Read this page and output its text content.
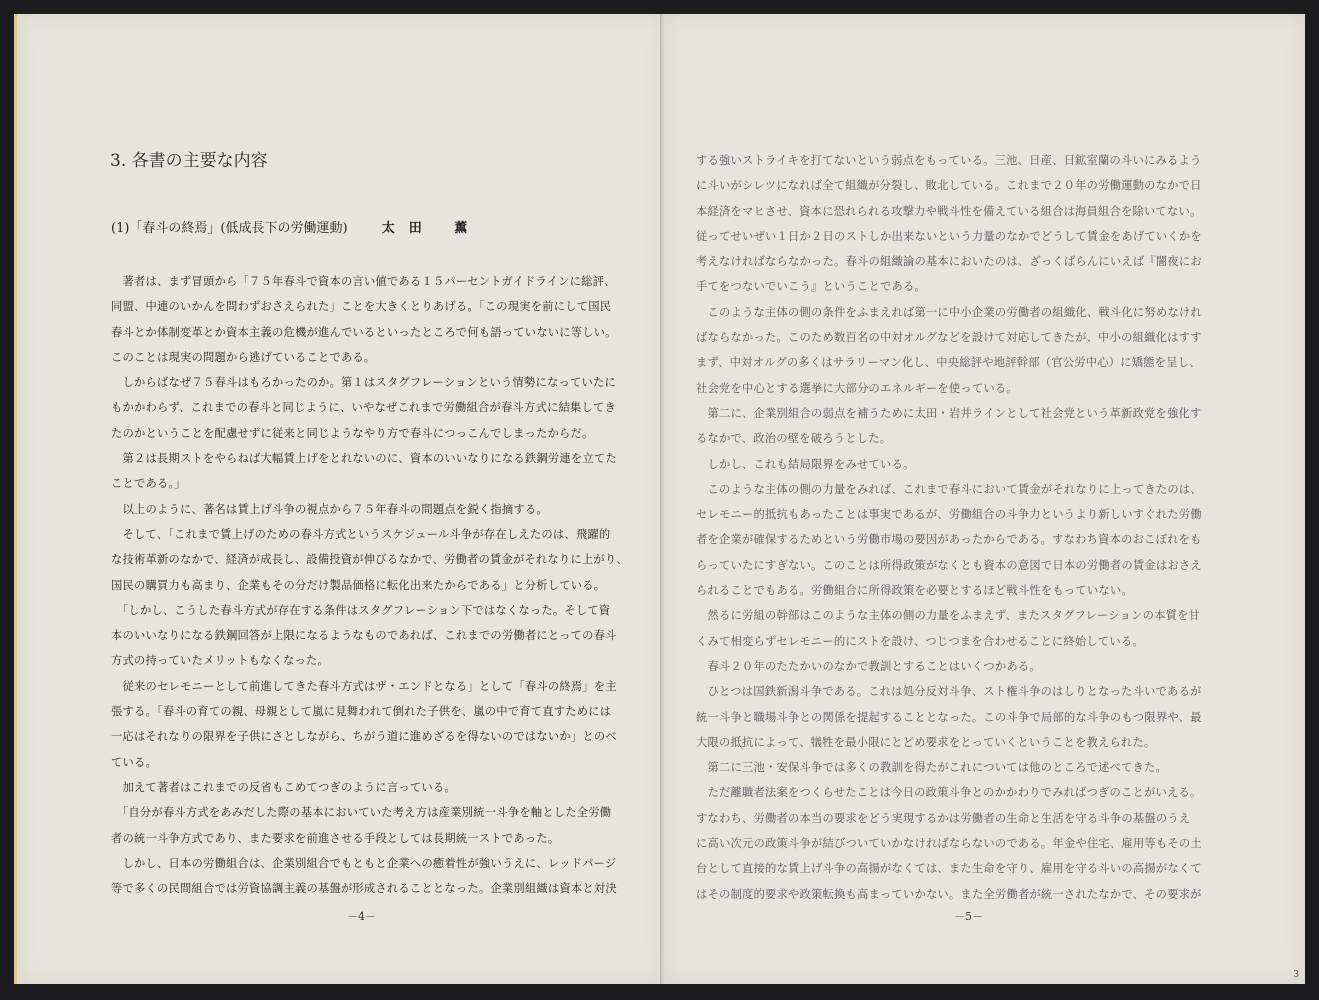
3. 各書の主要な内容
(1)「春斗の終焉」(低成長下の労働運動)	太田 薫
　著者は、まず冒頭から「７５年春斗で資本の言い値である１５パーセントガイドラインに総評、
同盟、中連のいかんを問わずおさえられた」ことを大きくとりあげる。「この現実を前にして国民
春斗とか体制変革とか資本主義の危機が進んでいるといったところで何も語っていないに等しい。
このことは現実の問題から逃げていることである。
　しからばなぜ７５春斗はもろかったのか。第１はスタグフレーションという情勢になっていたに
もかかわらず、これまでの春斗と同じように、いやなぜこれまで労働組合が春斗方式に結集してき
たのかということを配慮せずに従来と同じようなやり方で春斗につっこんでしまったからだ。
　第２は長期ストをやらねば大幅賃上げをとれないのに、資本のいいなりになる鉄鋼労連を立てた
ことである。」
　以上のように、著名は賃上げ斗争の視点から７５年春斗の問題点を鋭く指摘する。
　そして、「これまで賃上げのための春斗方式というスケジュール斗争が存在しえたのは、飛躍的
な技術革新のなかで、経済が成長し、設備投資が伸びるなかで、労働者の賃金がそれなりに上がり、
国民の購買力も高まり、企業もその分だけ製品価格に転化出来たからである」と分析している。
　「しかし、こうした春斗方式が存在する条件はスタグフレーション下ではなくなった。そして資
本のいいなりになる鉄鋼回答が上限になるようなものであれば、これまでの労働者にとっての春斗
方式の持っていたメリットもなくなった。
　従来のセレモニーとして前進してきた春斗方式はザ・エンドとなる」として「春斗の終焉」を主
張する。「春斗の育ての親、母親として嵐に見舞われて倒れた子供を、嵐の中で育て直すためには
一応はそれなりの限界を子供にさとしながら、ちがう道に進めざるを得ないのではないか」とのべ
ている。
　加えて著者はこれまでの反省もこめてつぎのように言っている。
　「自分が春斗方式をあみだした際の基本においていた考え方は産業別統一斗争を軸とした全労働
者の統一斗争方式であり、また要求を前進させる手段としては長期統一ストであった。
　しかし、日本の労働組合は、企業別組合でもともと企業への癒着性が強いうえに、レッドパージ
等で多くの民間組合では労資協調主義の基盤が形成されることとなった。企業別組織は資本と対決
－4－
する強いストライキを打てないという弱点をもっている。三池、日産、日鉱室蘭の斗いにみるよう
に斗いがシレツになれば全て組織が分裂し、敗北している。これまで２０年の労働運動のなかで日
本経済をマヒさせ、資本に恐れられる攻撃力や戦斗性を備えている組合は海員組合を除いてない。
従ってせいぜい１日か２日のストしか出来ないという力量のなかでどうして賃金をあげていくかを
考えなければならなかった。春斗の組織論の基本においたのは、ざっくばらんにいえば『闇夜にお
手てをつないでいこう』ということである。
　このような主体の側の条件をふまえれば第一に中小企業の労働者の組織化、戦斗化に努めなけれ
ばならなかった。このため数百名の中対オルグなどを設けて対応してきたが、中小の組織化はすす
まず、中対オルグの多くはサラリーマン化し、中央総評や地評幹部（官公労中心）に矯態を呈し、
社会党を中心とする選挙に大部分のエネルギーを使っている。
　第二に、企業別組合の弱点を補うために太田・岩井ラインとして社会党という革新政党を強化す
るなかで、政治の壁を破ろうとした。
　しかし、これも結局限界をみせている。
　このような主体の側の力量をみれば、これまで春斗において賃金がそれなりに上ってきたのは、
セレモニー的抵抗もあったことは事実であるが、労働組合の斗争力というより新しいすぐれた労働
者を企業が確保するためという労働市場の要因があったからである。すなわち資本のおこぼれをも
らっていたにすぎない。このことは所得政策がなくとも資本の意図で日本の労働者の賃金はおさえ
られることでもある。労働組合に所得政策を必要とするほど戦斗性をもっていない。
　然るに労組の幹部はこのような主体の側の力量をふまえず、またスタグフレーションの本質を甘
くみて相変らずセレモニー的にストを設け、つじつまを合わせることに終始している。
　春斗２０年のたたかいのなかで教訓とすることはいくつかある。
　ひとつは国鉄新潟斗争である。これは処分反対斗争、スト権斗争のはしりとなった斗いであるが
統一斗争と職場斗争との関係を提起することとなった。この斗争で局部的な斗争のもつ限界や、最
大限の抵抗によって、犠牲を最小限にとどめ要求をとっていくということを教えられた。
　第二に三池・安保斗争では多くの教訓を得たがこれについては他のところで述べてきた。
　ただ離職者法案をつくらせたことは今日の政策斗争とのかかわりでみればつぎのことがいえる。
すなわち、労働者の本当の要求をどう実現するかは労働者の生命と生活を守る斗争の基盤のうえ
に高い次元の政策斗争が結びついていかなければならないのである。年金や住宅、雇用等もその土
台として直接的な賃上げ斗争の高揚がなくては、また生命を守り、雇用を守る斗いの高揚がなくて
はその制度的要求や政策転換も高まっていかない。また全労働者が統一されたなかで、その要求が
－5－
3
